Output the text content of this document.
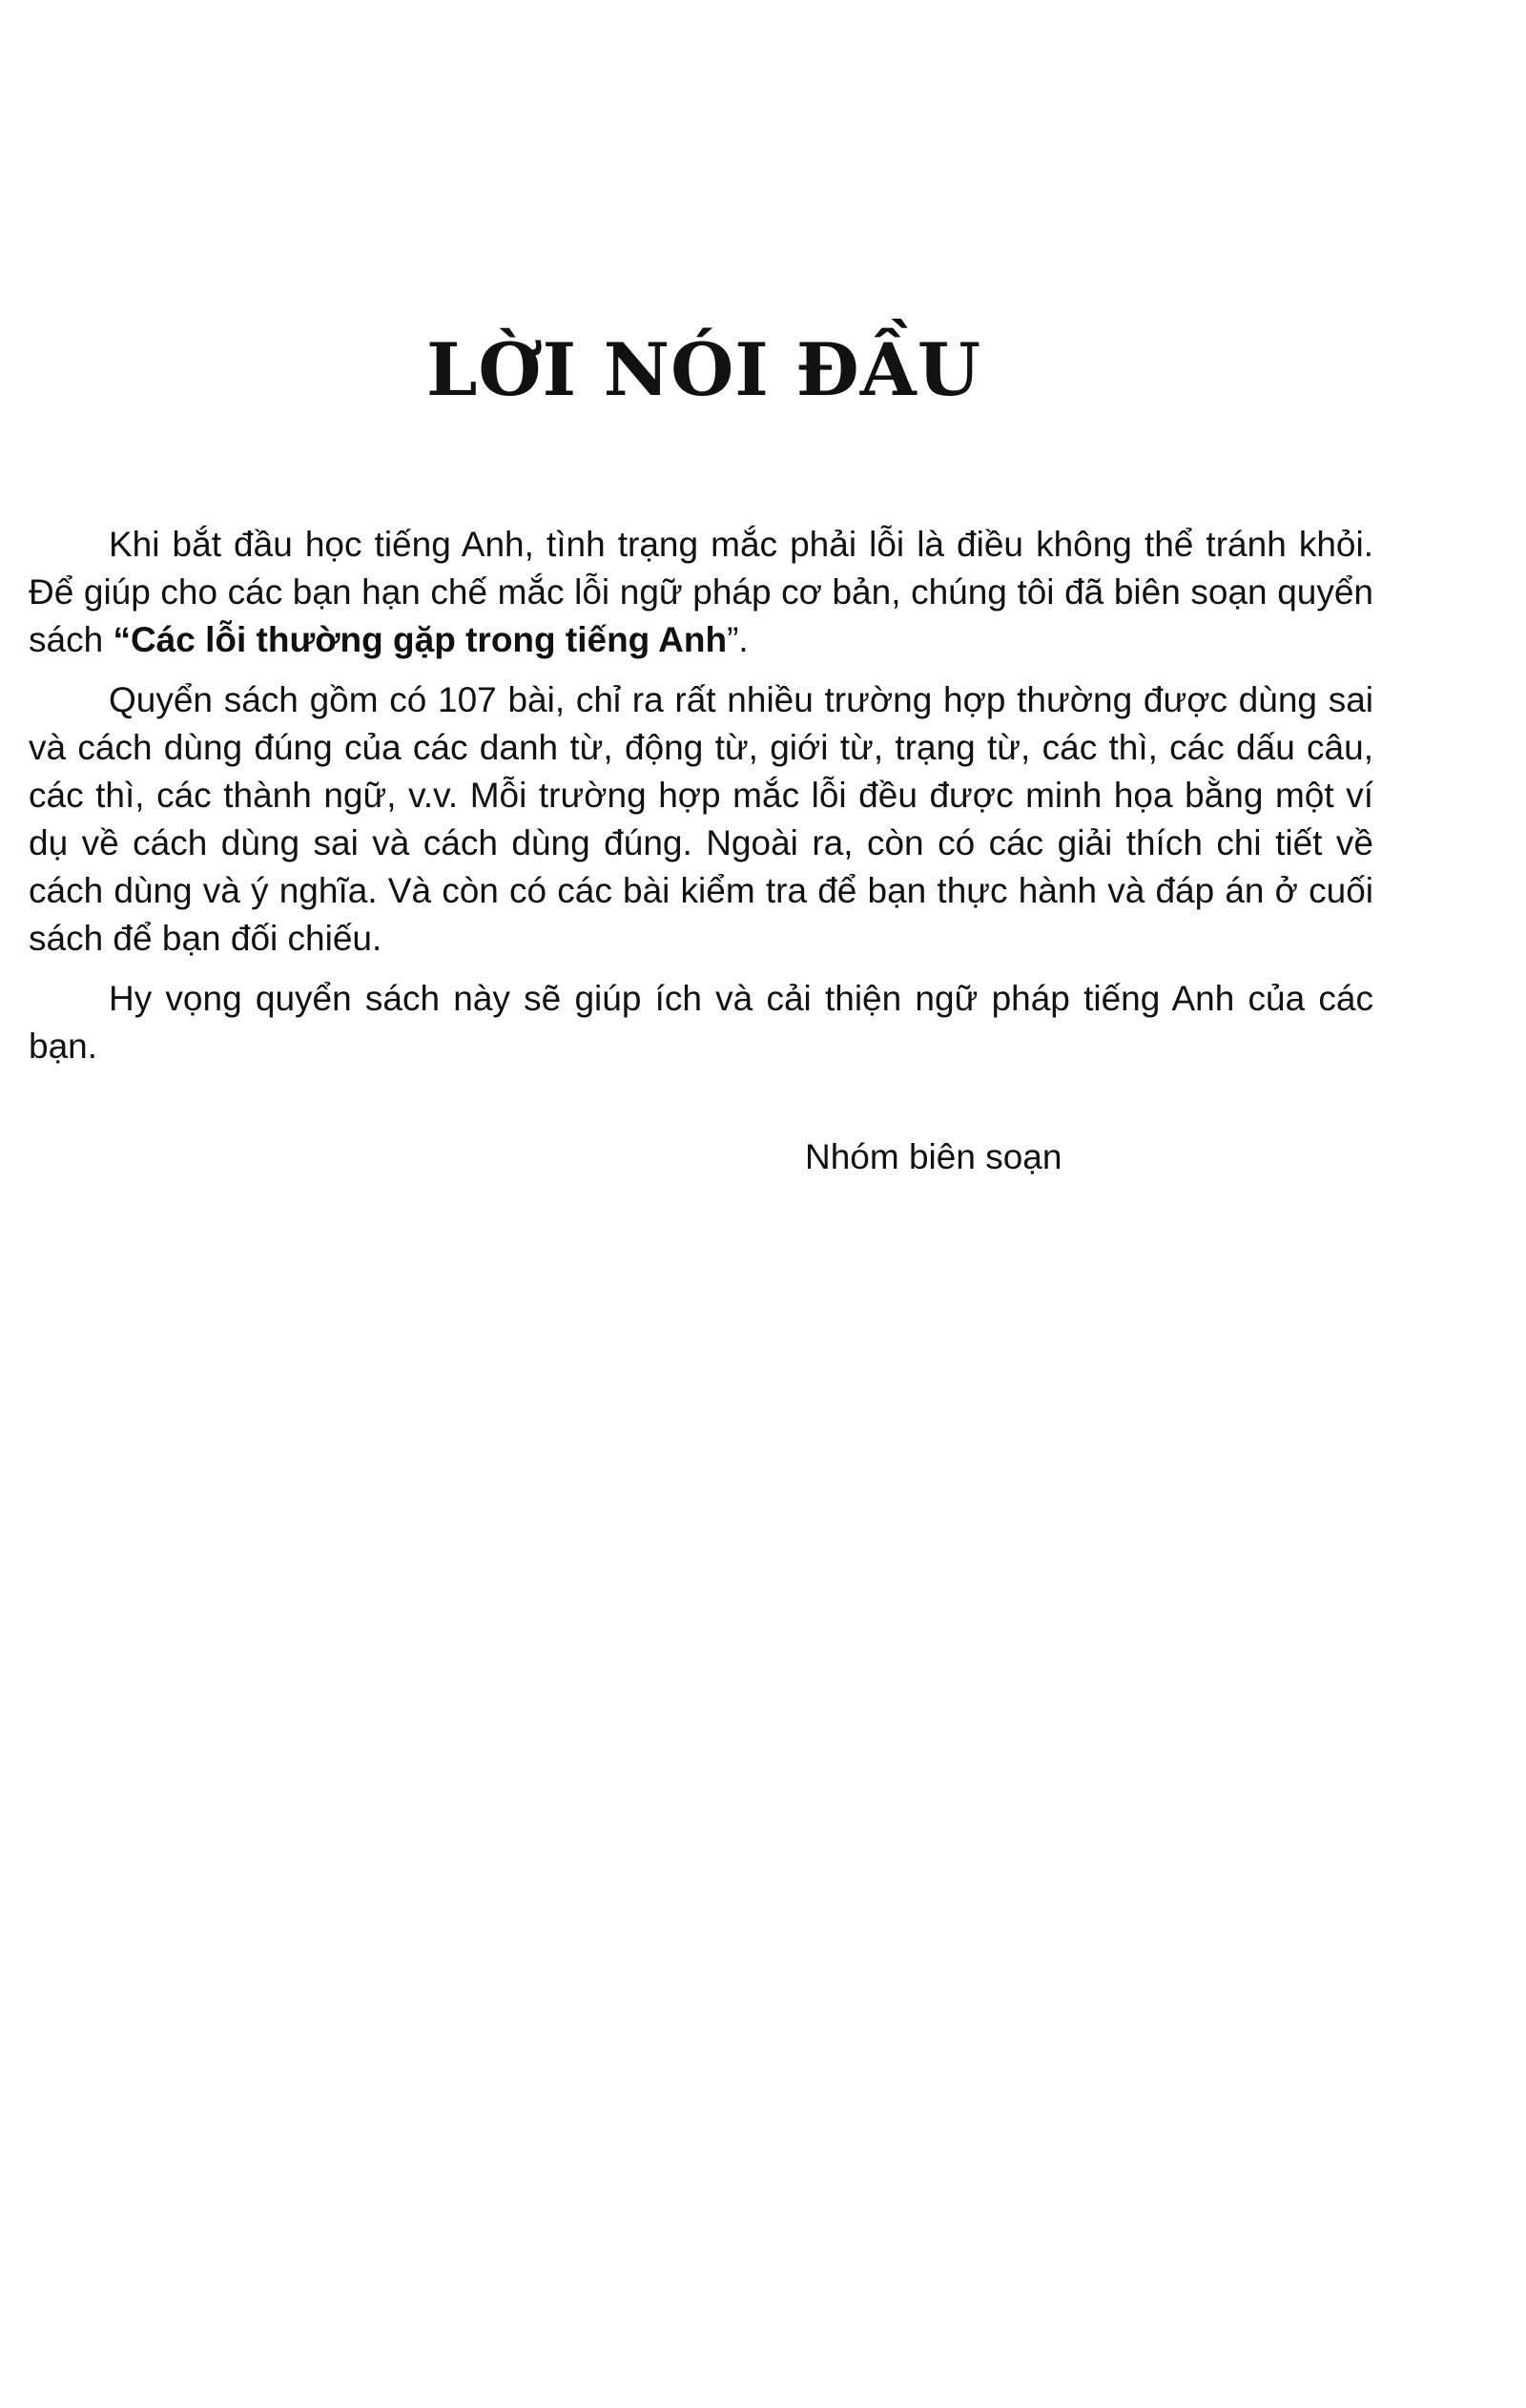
LỜI NÓI ĐẦU

Khi bắt đầu học tiếng Anh, tình trạng mắc phải lỗi là điều không thể tránh khỏi. Để giúp cho các bạn hạn chế mắc lỗi ngữ pháp cơ bản, chúng tôi đã biên soạn quyển sách “Các lỗi thường gặp trong tiếng Anh”.

Quyển sách gồm có 107 bài, chỉ ra rất nhiều trường hợp thường được dùng sai và cách dùng đúng của các danh từ, động từ, giới từ, trạng từ, các thì, các dấu câu, các thì, các thành ngữ, v.v. Mỗi trường hợp mắc lỗi đều được minh họa bằng một ví dụ về cách dùng sai và cách dùng đúng. Ngoài ra, còn có các giải thích chi tiết về cách dùng và ý nghĩa. Và còn có các bài kiểm tra để bạn thực hành và đáp án ở cuối sách để bạn đối chiếu.

Hy vọng quyển sách này sẽ giúp ích và cải thiện ngữ pháp tiếng Anh của các bạn.

Nhóm biên soạn
